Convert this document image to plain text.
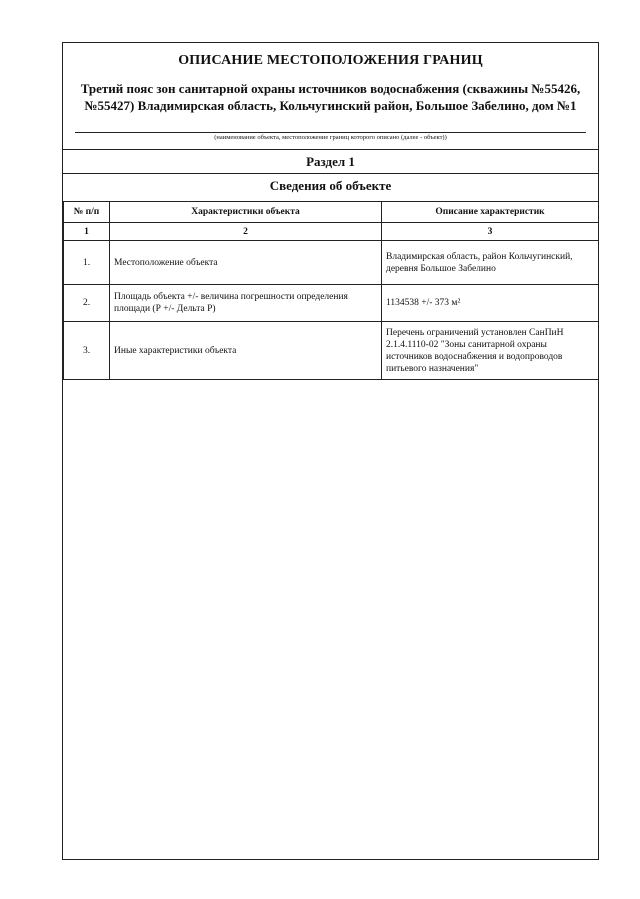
ОПИСАНИЕ МЕСТОПОЛОЖЕНИЯ ГРАНИЦ
Третий пояс зон санитарной охраны источников водоснабжения (скважины №55426, №55427) Владимирская область, Кольчугинский район, Большое Забелино, дом №1
(наименование объекта, местоположение границ которого описано (далее - объект))
Раздел 1
Сведения об объекте
№ п/п	Характеристики объекта	Описание характеристик
1	2	3
1.	Местоположение объекта	Владимирская область, район Кольчугинский, деревня Большое Забелино
2.	Площадь объекта +/- величина погрешности определения площади (Р +/- Дельта Р)	1134538 +/- 373 м²
3.	Иные характеристики объекта	Перечень ограничений установлен СанПиН 2.1.4.1110-02 "Зоны санитарной охраны источников водоснабжения и водопроводов питьевого назначения"
